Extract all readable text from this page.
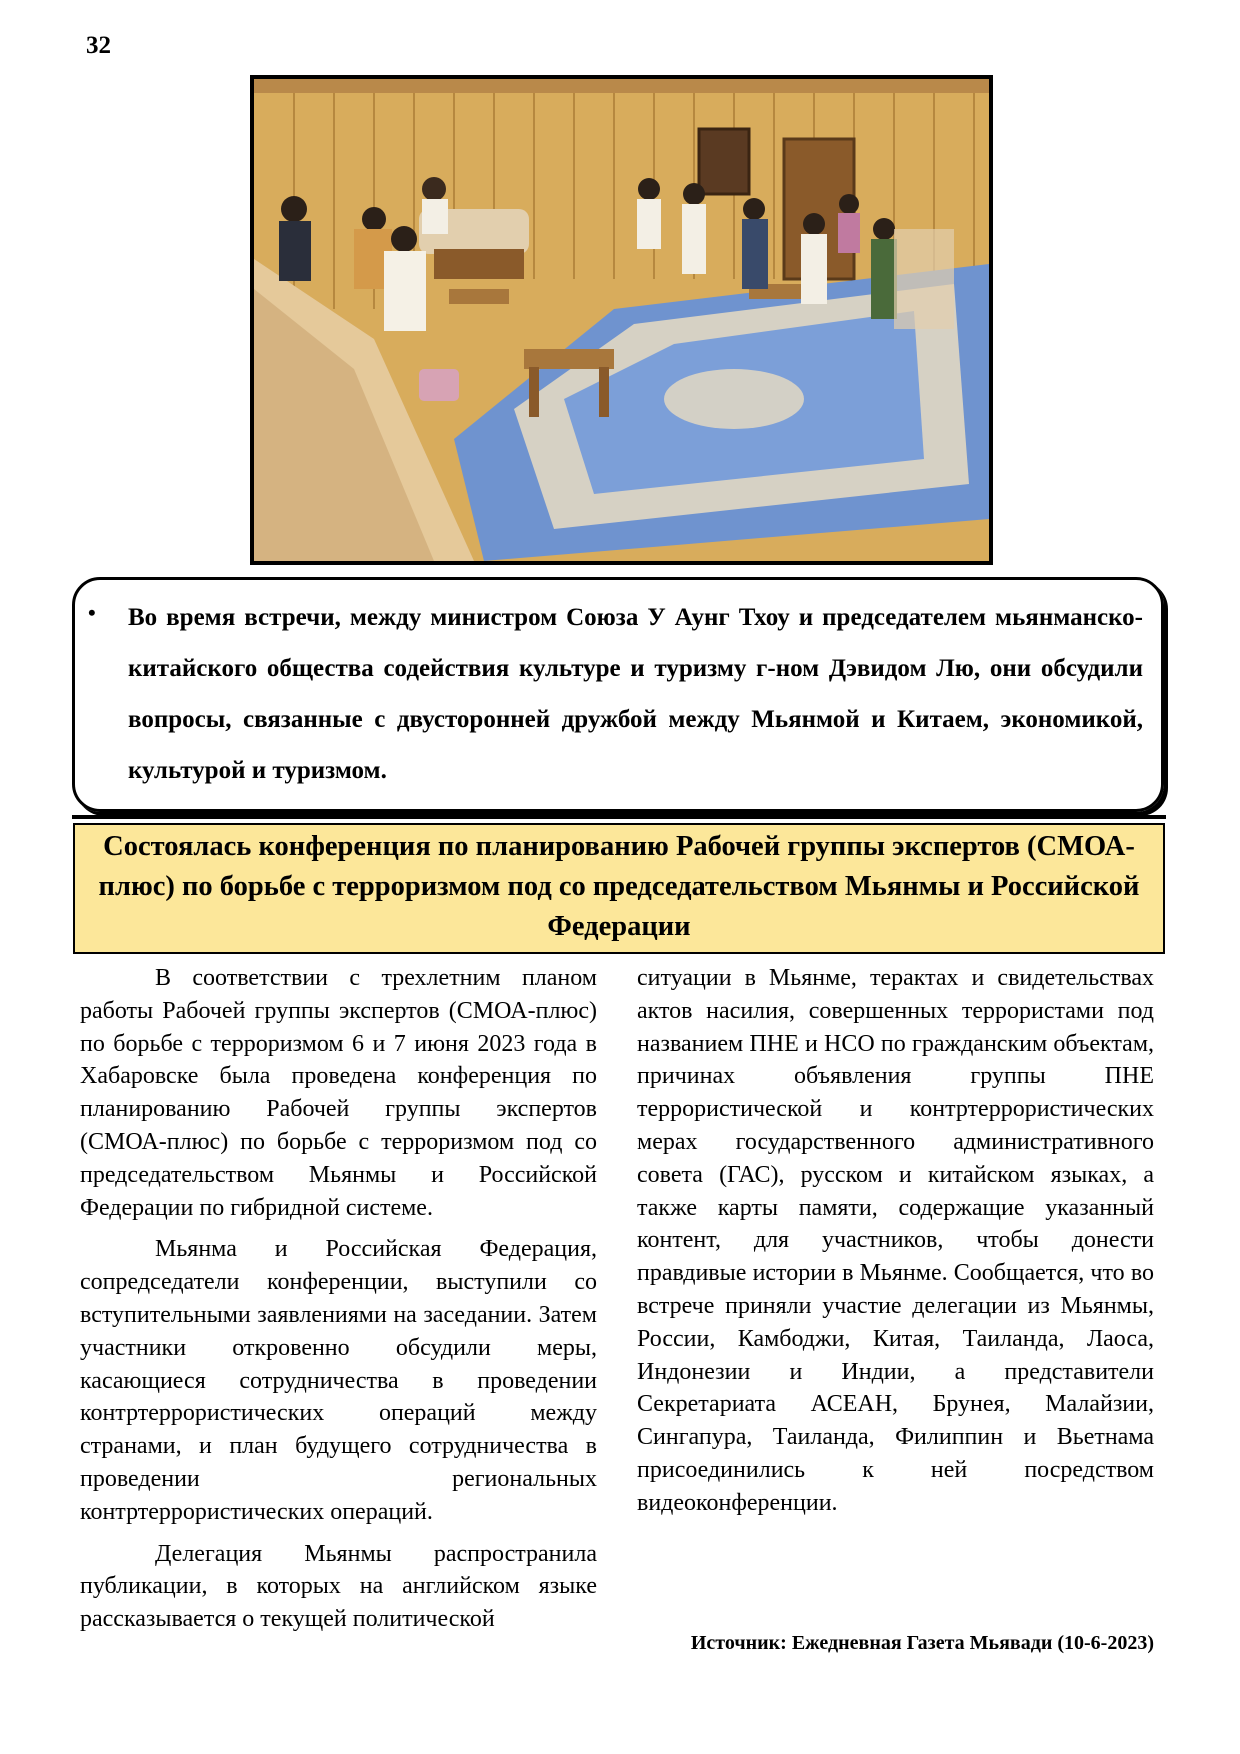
32
• Во время встречи, между министром Союза У Аунг Тхоу и председателем мьянманско-китайского общества содействия культуре и туризму г-ном Дэвидом Лю, они обсудили вопросы, связанные с двусторонней дружбой между Мьянмой и Китаем, экономикой, культурой и туризмом.
Состоялась конференция по планированию Рабочей группы экспертов (СМОА-плюс) по борьбе с терроризмом под со председательством Мьянмы и Российской Федерации

В соответствии с трехлетним планом работы Рабочей группы экспертов (СМОА-плюс) по борьбе с терроризмом 6 и 7 июня 2023 года в Хабаровске была проведена конференция по планированию Рабочей группы экспертов (СМОА-плюс) по борьбе с терроризмом под со председательством Мьянмы и Российской Федерации по гибридной системе.

Мьянма и Российская Федерация, сопредседатели конференции, выступили со вступительными заявлениями на заседании. Затем участники откровенно обсудили меры, касающиеся сотрудничества в проведении контртеррористических операций между странами, и план будущего сотрудничества в проведении региональных контртеррористических операций.

Делегация Мьянмы распространила публикации, в которых на английском языке рассказывается о текущей политической

ситуации в Мьянме, терактах и свидетельствах актов насилия, совершенных террористами под названием ПНЕ и НСО по гражданским объектам, причинах объявления группы ПНЕ террористической и контртеррористических мерах государственного административного совета (ГАС), русском и китайском языках, а также карты памяти, содержащие указанный контент, для участников, чтобы донести правдивые истории в Мьянме. Сообщается, что во встрече приняли участие делегации из Мьянмы, России, Камбоджи, Китая, Таиланда, Лаоса, Индонезии и Индии, а представители Секретариата АСЕАН, Брунея, Малайзии, Сингапура, Таиланда, Филиппин и Вьетнама присоединились к ней посредством видеоконференции.

Источник: Ежедневная Газета Мьявади (10-6-2023)
